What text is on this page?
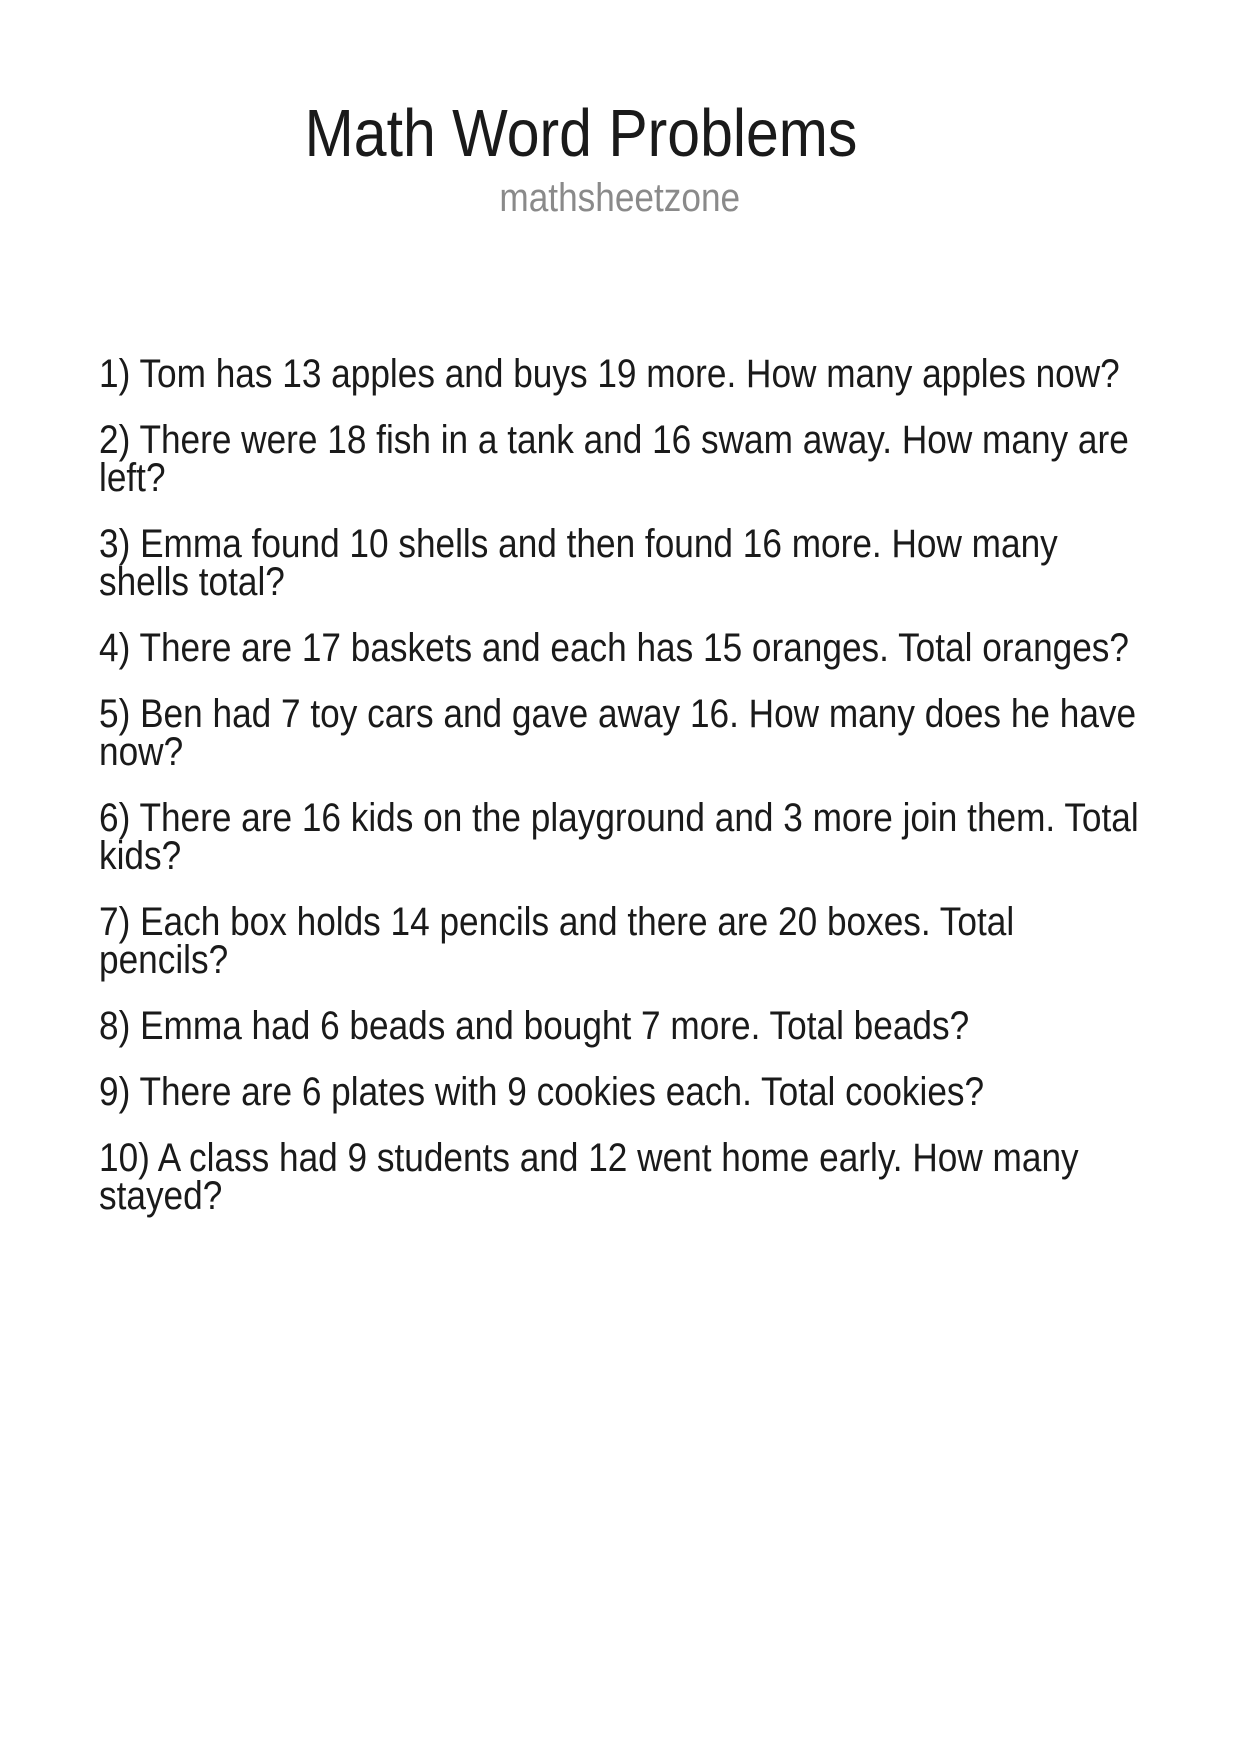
Math Word Problems
mathsheetzone

1) Tom has 13 apples and buys 19 more. How many apples now?

2) There were 18 fish in a tank and 16 swam away. How many are left?

3) Emma found 10 shells and then found 16 more. How many shells total?

4) There are 17 baskets and each has 15 oranges. Total oranges?

5) Ben had 7 toy cars and gave away 16. How many does he have now?

6) There are 16 kids on the playground and 3 more join them. Total kids?

7) Each box holds 14 pencils and there are 20 boxes. Total pencils?

8) Emma had 6 beads and bought 7 more. Total beads?

9) There are 6 plates with 9 cookies each. Total cookies?

10) A class had 9 students and 12 went home early. How many stayed?
